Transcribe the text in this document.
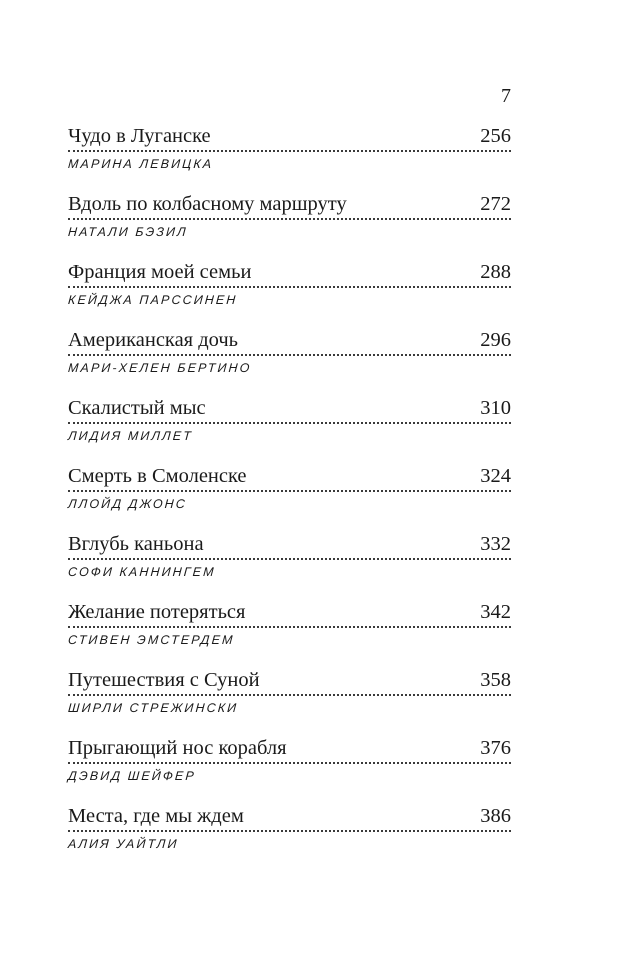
7
Чудо в Луганске	256
МАРИНА ЛЕВИЦКА
Вдоль по колбасному маршруту	272
НАТАЛИ БЭЗИЛ
Франция моей семьи	288
КЕЙДЖА ПАРССИНЕН
Американская дочь	296
МАРИ-ХЕЛЕН БЕРТИНО
Скалистый мыс	310
ЛИДИЯ МИЛЛЕТ
Смерть в Смоленске	324
ЛЛОЙД ДЖОНС
Вглубь каньона	332
СОФИ КАННИНГЕМ
Желание потеряться	342
СТИВЕН ЭМСТЕРДЕМ
Путешествия с Суной	358
ШИРЛИ СТРЕЖИНСКИ
Прыгающий нос корабля	376
ДЭВИД ШЕЙФЕР
Места, где мы ждем	386
АЛИЯ УАЙТЛИ
